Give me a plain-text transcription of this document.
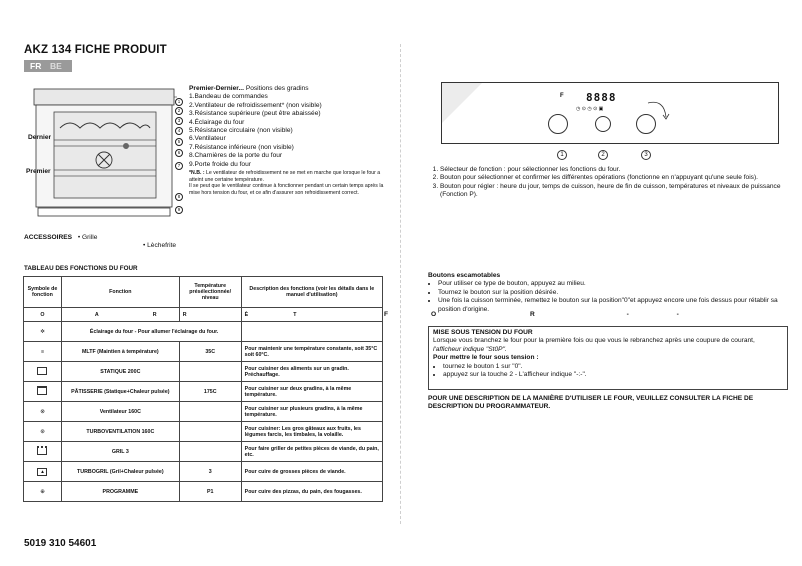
AKZ 134 FICHE PRODUIT
FR BE
Dernier
Premier
1
2
3
4
5
6
7
8
9
Premier-Dernier... Positions des gradins
1.Bandeau de commandes
2.Ventilateur de refroidissement* (non visible)
3.Résistance supérieure (peut être abaissée)
4.Éclairage du four
5.Résistance circulaire (non visible)
6.Ventilateur
7.Résistance inférieure (non visible)
8.Charnières de la porte du four
9.Porte froide du four
*N.B. : Le ventilateur de refroidissement ne se met en marche que lorsque le four a atteint une certaine température.
Il se peut que le ventilateur continue à fonctionner pendant un certain temps après la mise hors tension du four, et ce afin d'assurer son refroidissement correct.
ACCESSOIRES • Grille
• Lèchefrite
TABLEAU DES FONCTIONS DU FOUR
Symbole de fonction	Fonction	Température présélectionnée/ niveau	Description des fonctions (voir les détails dans le manuel d'utilisation)
O	A R	R	È T
✲	Éclairage du four - Pour allumer l'éclairage du four.		
≡	MLTF (Maintien à température)	35C	Pour maintenir une température constante, soit 35°C soit 60°C.
	STATIQUE 200C		Pour cuisiner des aliments sur un gradin. Préchauffage.
	PÂTISSERIE (Statique+Chaleur pulsée)	175C	Pour cuisiner sur deux gradins, à la même température.
⊗	Ventilateur 160C		Pour cuisiner sur plusieurs gradins, à la même température.
⊛	TURBOVENTILATION 160C		Pour cuisiner: Les gros gâteaux aux fruits, les légumes farcis, les timbales, la volaille.
	GRIL 3		Pour faire griller de petites pièces de viande, du pain, etc.
▴	TURBOGRIL (Gril+Chaleur pulsée)	3	Pour cuire de grosses pièces de viande.
⊕	PROGRAMME	P1	Pour cuire des pizzas, du pain, des fougasses.
F
5019 310 54601
F 8888
◷ ⊙ ◷ ⊙ ▣
1	2	3
1. Sélecteur de fonction : pour sélectionner les fonctions du four.
2. Bouton pour sélectionner et confirmer les différentes opérations (fonctionne en n'appuyant qu'une seule fois).
3. Bouton pour régler : heure du jour, temps de cuisson, heure de fin de cuisson, températures et niveaux de puissance (Fonction P).
Boutons escamotables
• Pour utiliser ce type de bouton, appuyez au milieu.
• Tournez le bouton sur la position désirée.
• Une fois la cuisson terminée, remettez le bouton sur la position"0"et appuyez encore une fois dessus pour rétablir sa position d'origine.
O	R	-	-
MISE SOUS TENSION DU FOUR
Lorsque vous branchez le four pour la première fois ou que vous le rebranchez après une coupure de courant,
l'afficheur indique "St0P".
Pour mettre le four sous tension :
• tournez le bouton 1 sur "0".
• appuyez sur la touche 2 - L'afficheur indique "-:-".
POUR UNE DESCRIPTION DE LA MANIÈRE D'UTILISER LE FOUR, VEUILLEZ CONSULTER LA FICHE DE DESCRIPTION DU PROGRAMMATEUR.
